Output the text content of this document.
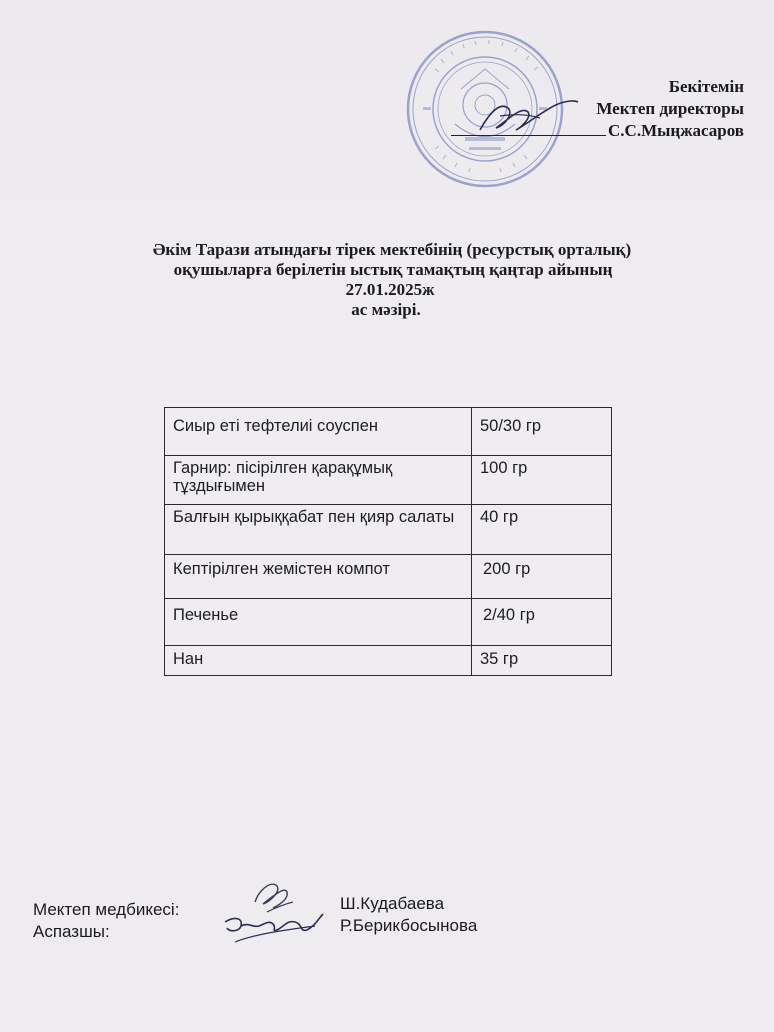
Бекітемін
Мектеп директоры
С.С.Мыңжасаров
Әкім Тарази атындағы тірек мектебінің (ресурстық орталық)
оқушыларға берілетін ыстық тамақтың қаңтар айының
27.01.2025ж
ас мәзірі.
Сиыр еті тефтелиі соуспен	50/30 гр
Гарнир: пісірілген қарақұмық тұздығымен	100 гр
Балғын қырыққабат пен қияр салаты	40 гр
Кептірілген жемістен компот	200 гр
Печенье	2/40 гр
Нан	35 гр
Мектеп медбикесі:
Аспазшы:
Ш.Кудабаева
Р.Берикбосынова
